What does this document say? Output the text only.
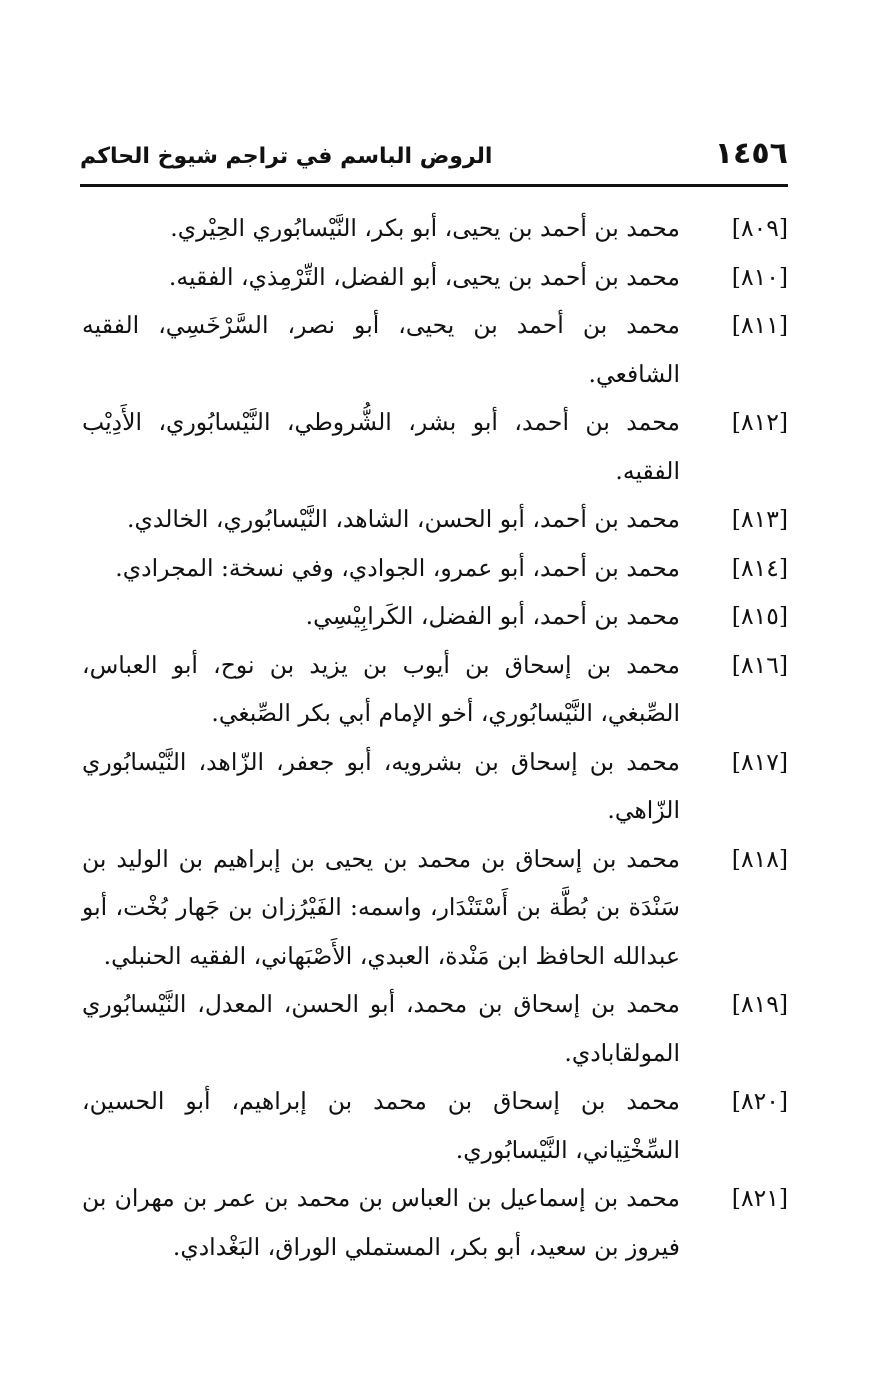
١٤٥٦
الروض الباسم في تراجم شيوخ الحاكم
[٨٠٩]
محمد بن أحمد بن يحيى، أبو بكر، النَّيْسابُوري الحِيْري.
[٨١٠]
محمد بن أحمد بن يحيى، أبو الفضل، التِّرْمِذي، الفقيه.
[٨١١]
محمد بن أحمد بن يحيى، أبو نصر، السَّرْخَسِي، الفقيه الشافعي.
[٨١٢]
محمد بن أحمد، أبو بشر، الشُّروطي، النَّيْسابُوري، الأَدِيْب الفقيه.
[٨١٣]
محمد بن أحمد، أبو الحسن، الشاهد، النَّيْسابُوري، الخالدي.
[٨١٤]
محمد بن أحمد، أبو عمرو، الجوادي، وفي نسخة: المجرادي.
[٨١٥]
محمد بن أحمد، أبو الفضل، الكَرابِيْسِي.
[٨١٦]
محمد بن إسحاق بن أيوب بن يزيد بن نوح، أبو العباس، الصِّبغي، النَّيْسابُوري، أخو الإمام أبي بكر الصِّبغي.
[٨١٧]
محمد بن إسحاق بن بشرويه، أبو جعفر، الزّاهد، النَّيْسابُوري الزّاهي.
[٨١٨]
محمد بن إسحاق بن محمد بن يحيى بن إبراهيم بن الوليد بن سَنْدَة بن بُطَّة بن أَسْتَنْدَار، واسمه: الفَيْرُزان بن جَهار بُخْت، أبو عبدالله الحافظ ابن مَنْدة، العبدي، الأَصْبَهاني، الفقيه الحنبلي.
[٨١٩]
محمد بن إسحاق بن محمد، أبو الحسن، المعدل، النَّيْسابُوري المولقابادي.
[٨٢٠]
محمد بن إسحاق بن محمد بن إبراهيم، أبو الحسين، السِّخْتِياني، النَّيْسابُوري.
[٨٢١]
محمد بن إسماعيل بن العباس بن محمد بن عمر بن مهران بن فيروز بن سعيد، أبو بكر، المستملي الوراق، البَغْدادي.
